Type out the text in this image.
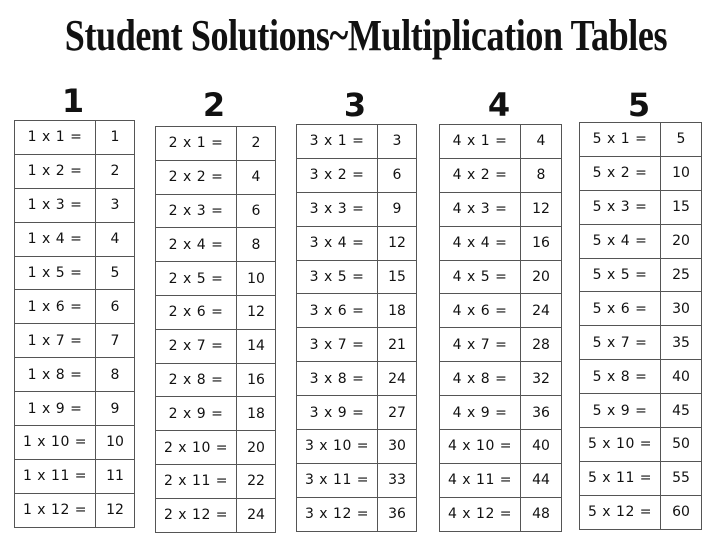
Student Solutions~Multiplication Tables
1
1 x 1 =	1
1 x 2 =	2
1 x 3 =	3
1 x 4 =	4
1 x 5 =	5
1 x 6 =	6
1 x 7 =	7
1 x 8 =	8
1 x 9 =	9
1 x 10 =	10
1 x 11 =	11
1 x 12 =	12
2
2 x 1 =	2
2 x 2 =	4
2 x 3 =	6
2 x 4 =	8
2 x 5 =	10
2 x 6 =	12
2 x 7 =	14
2 x 8 =	16
2 x 9 =	18
2 x 10 =	20
2 x 11 =	22
2 x 12 =	24
3
3 x 1 =	3
3 x 2 =	6
3 x 3 =	9
3 x 4 =	12
3 x 5 =	15
3 x 6 =	18
3 x 7 =	21
3 x 8 =	24
3 x 9 =	27
3 x 10 =	30
3 x 11 =	33
3 x 12 =	36
4
4 x 1 =	4
4 x 2 =	8
4 x 3 =	12
4 x 4 =	16
4 x 5 =	20
4 x 6 =	24
4 x 7 =	28
4 x 8 =	32
4 x 9 =	36
4 x 10 =	40
4 x 11 =	44
4 x 12 =	48
5
5 x 1 =	5
5 x 2 =	10
5 x 3 =	15
5 x 4 =	20
5 x 5 =	25
5 x 6 =	30
5 x 7 =	35
5 x 8 =	40
5 x 9 =	45
5 x 10 =	50
5 x 11 =	55
5 x 12 =	60
